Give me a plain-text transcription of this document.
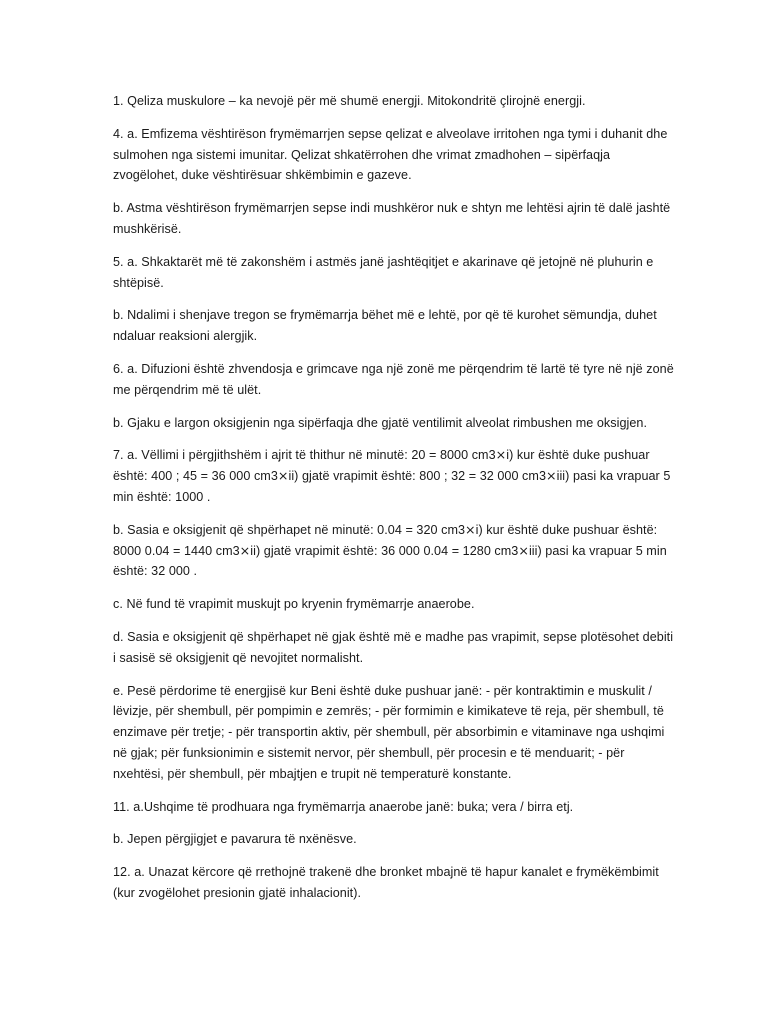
1. Qeliza muskulore – ka nevojë për më shumë energji. Mitokondritë çlirojnë energji.

4. a. Emfizema vështirëson frymëmarrjen sepse qelizat e alveolave irritohen nga tymi i duhanit dhe sulmohen nga sistemi imunitar. Qelizat shkatërrohen dhe vrimat zmadhohen – sipërfaqja zvogëlohet, duke vështirësuar shkëmbimin e gazeve.

b. Astma vështirëson frymëmarrjen sepse indi mushkëror nuk e shtyn me lehtësi ajrin të dalë jashtë mushkërisë.

5. a. Shkaktarët më të zakonshëm i astmës janë jashtëqitjet e akarinave që jetojnë në pluhurin e shtëpisë.

b. Ndalimi i shenjave tregon se frymëmarrja bëhet më e lehtë, por që të kurohet sëmundja, duhet ndaluar reaksioni alergjik.

6. a. Difuzioni është zhvendosja e grimcave nga një zonë me përqendrim të lartë të tyre në një zonë me përqendrim më të ulët.

b. Gjaku e largon oksigjenin nga sipërfaqja dhe gjatë ventilimit alveolat rimbushen me oksigjen.

7. a. Vëllimi i përgjithshëm i ajrit të thithur në minutë: 20 = 8000 cm3⨯i) kur është duke pushuar është: 400 ; 45 = 36 000 cm3⨯ii) gjatë vrapimit është: 800 ; 32 = 32 000 cm3⨯iii) pasi ka vrapuar 5 min është: 1000 .

b. Sasia e oksigjenit që shpërhapet në minutë: 0.04 = 320 cm3⨯i) kur është duke pushuar është: 8000 0.04 = 1440 cm3⨯ii) gjatë vrapimit është: 36 000 0.04 = 1280 cm3⨯iii) pasi ka vrapuar 5 min është: 32 000 .

c. Në fund të vrapimit muskujt po kryenin frymëmarrje anaerobe.

d. Sasia e oksigjenit që shpërhapet në gjak është më e madhe pas vrapimit, sepse plotësohet debiti i sasisë së oksigjenit që nevojitet normalisht.

e. Pesë përdorime të energjisë kur Beni është duke pushuar janë: - për kontraktimin e muskulit / lëvizje, për shembull, për pompimin e zemrës; - për formimin e kimikateve të reja, për shembull, të enzimave për tretje; - për transportin aktiv, për shembull, për absorbimin e vitaminave nga ushqimi në gjak; për funksionimin e sistemit nervor, për shembull, për procesin e të menduarit; - për nxehtësi, për shembull, për mbajtjen e trupit në temperaturë konstante.

11. a.Ushqime të prodhuara nga frymëmarrja anaerobe janë: buka; vera / birra etj.

b. Jepen përgjigjet e pavarura të nxënësve.

12. a. Unazat kërcore që rrethojnë trakenë dhe bronket mbajnë të hapur kanalet e frymëkëmbimit (kur zvogëlohet presionin gjatë inhalacionit).
